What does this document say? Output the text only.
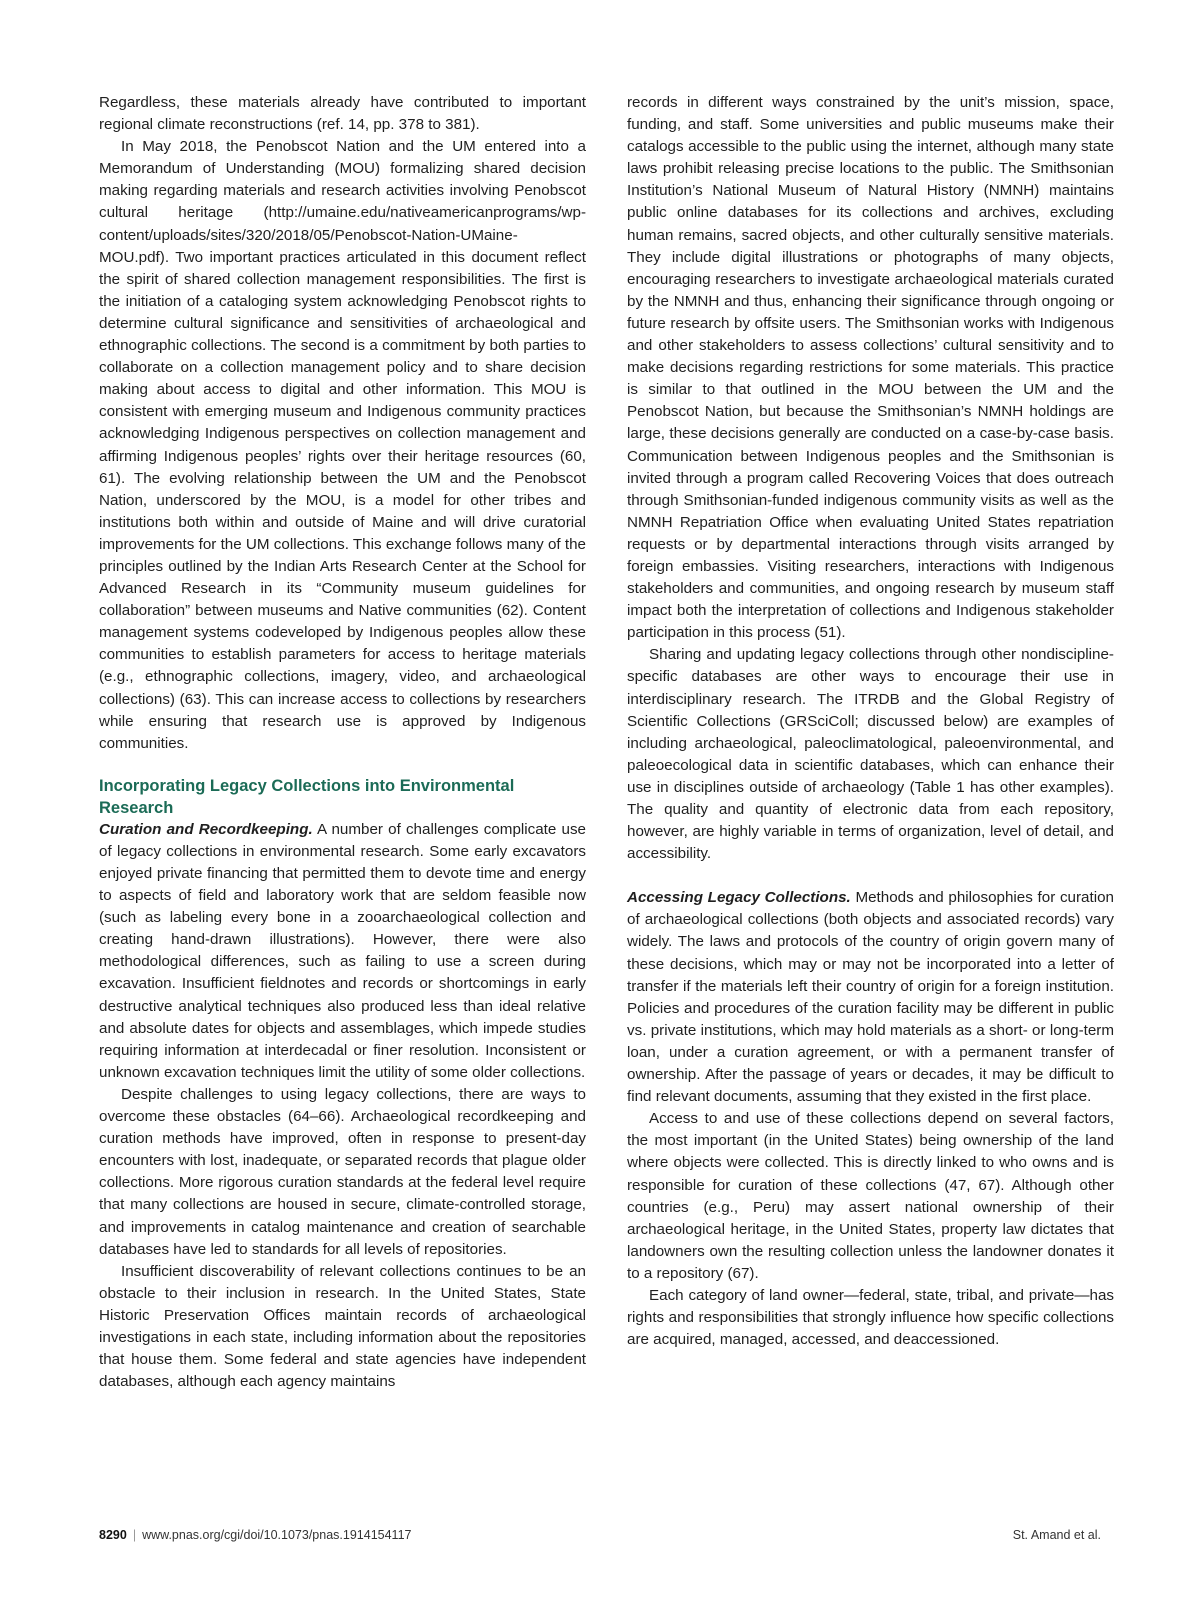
Regardless, these materials already have contributed to important regional climate reconstructions (ref. 14, pp. 378 to 381).

In May 2018, the Penobscot Nation and the UM entered into a Memorandum of Understanding (MOU) formalizing shared decision making regarding materials and research activities involving Penobscot cultural heritage (http://umaine.edu/nativeamericanprograms/wp-content/uploads/sites/320/2018/05/Penobscot-Nation-UMaine-MOU.pdf). Two important practices articulated in this document reflect the spirit of shared collection management responsibilities. The first is the initiation of a cataloging system acknowledging Penobscot rights to determine cultural significance and sensitivities of archaeological and ethnographic collections. The second is a commitment by both parties to collaborate on a collection management policy and to share decision making about access to digital and other information. This MOU is consistent with emerging museum and Indigenous community practices acknowledging Indigenous perspectives on collection management and affirming Indigenous peoples’ rights over their heritage resources (60, 61). The evolving relationship between the UM and the Penobscot Nation, underscored by the MOU, is a model for other tribes and institutions both within and outside of Maine and will drive curatorial improvements for the UM collections. This exchange follows many of the principles outlined by the Indian Arts Research Center at the School for Advanced Research in its “Community museum guidelines for collaboration” between museums and Native communities (62). Content management systems codeveloped by Indigenous peoples allow these communities to establish parameters for access to heritage materials (e.g., ethnographic collections, imagery, video, and archaeological collections) (63). This can increase access to collections by researchers while ensuring that research use is approved by Indigenous communities.

Incorporating Legacy Collections into Environmental Research

Curation and Recordkeeping. A number of challenges complicate use of legacy collections in environmental research. Some early excavators enjoyed private financing that permitted them to devote time and energy to aspects of field and laboratory work that are seldom feasible now (such as labeling every bone in a zooarchaeological collection and creating hand-drawn illustrations). However, there were also methodological differences, such as failing to use a screen during excavation. Insufficient fieldnotes and records or shortcomings in early destructive analytical techniques also produced less than ideal relative and absolute dates for objects and assemblages, which impede studies requiring information at interdecadal or finer resolution. Inconsistent or unknown excavation techniques limit the utility of some older collections.

Despite challenges to using legacy collections, there are ways to overcome these obstacles (64–66). Archaeological recordkeeping and curation methods have improved, often in response to present-day encounters with lost, inadequate, or separated records that plague older collections. More rigorous curation standards at the federal level require that many collections are housed in secure, climate-controlled storage, and improvements in catalog maintenance and creation of searchable databases have led to standards for all levels of repositories.

Insufficient discoverability of relevant collections continues to be an obstacle to their inclusion in research. In the United States, State Historic Preservation Offices maintain records of archaeological investigations in each state, including information about the repositories that house them. Some federal and state agencies have independent databases, although each agency maintains

records in different ways constrained by the unit’s mission, space, funding, and staff. Some universities and public museums make their catalogs accessible to the public using the internet, although many state laws prohibit releasing precise locations to the public. The Smithsonian Institution’s National Museum of Natural History (NMNH) maintains public online databases for its collections and archives, excluding human remains, sacred objects, and other culturally sensitive materials. They include digital illustrations or photographs of many objects, encouraging researchers to investigate archaeological materials curated by the NMNH and thus, enhancing their significance through ongoing or future research by offsite users. The Smithsonian works with Indigenous and other stakeholders to assess collections’ cultural sensitivity and to make decisions regarding restrictions for some materials. This practice is similar to that outlined in the MOU between the UM and the Penobscot Nation, but because the Smithsonian’s NMNH holdings are large, these decisions generally are conducted on a case-by-case basis. Communication between Indigenous peoples and the Smithsonian is invited through a program called Recovering Voices that does outreach through Smithsonian-funded indigenous community visits as well as the NMNH Repatriation Office when evaluating United States repatriation requests or by departmental interactions through visits arranged by foreign embassies. Visiting researchers, interactions with Indigenous stakeholders and communities, and ongoing research by museum staff impact both the interpretation of collections and Indigenous stakeholder participation in this process (51).

Sharing and updating legacy collections through other nondiscipline-specific databases are other ways to encourage their use in interdisciplinary research. The ITRDB and the Global Registry of Scientific Collections (GRSciColl; discussed below) are examples of including archaeological, paleoclimatological, paleoenvironmental, and paleoecological data in scientific databases, which can enhance their use in disciplines outside of archaeology (Table 1 has other examples). The quality and quantity of electronic data from each repository, however, are highly variable in terms of organization, level of detail, and accessibility.

Accessing Legacy Collections. Methods and philosophies for curation of archaeological collections (both objects and associated records) vary widely. The laws and protocols of the country of origin govern many of these decisions, which may or may not be incorporated into a letter of transfer if the materials left their country of origin for a foreign institution. Policies and procedures of the curation facility may be different in public vs. private institutions, which may hold materials as a short- or long-term loan, under a curation agreement, or with a permanent transfer of ownership. After the passage of years or decades, it may be difficult to find relevant documents, assuming that they existed in the first place.

Access to and use of these collections depend on several factors, the most important (in the United States) being ownership of the land where objects were collected. This is directly linked to who owns and is responsible for curation of these collections (47, 67). Although other countries (e.g., Peru) may assert national ownership of their archaeological heritage, in the United States, property law dictates that landowners own the resulting collection unless the landowner donates it to a repository (67).

Each category of land owner—federal, state, tribal, and private—has rights and responsibilities that strongly influence how specific collections are acquired, managed, accessed, and deaccessioned.

8290 | www.pnas.org/cgi/doi/10.1073/pnas.1914154117	St. Amand et al.
